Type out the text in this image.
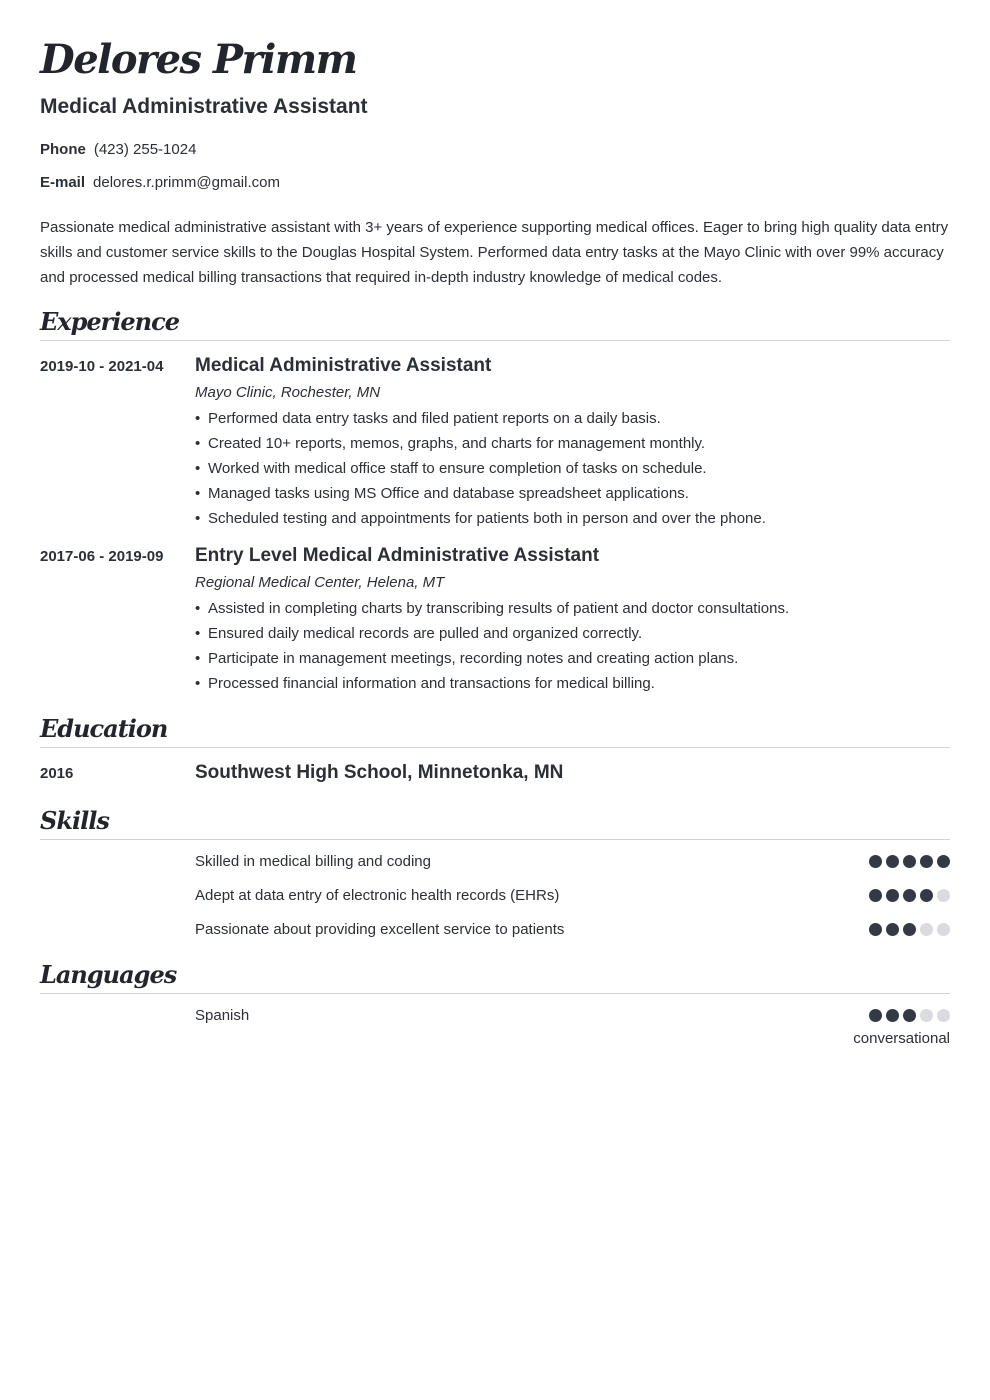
Delores Primm
Medical Administrative Assistant
Phone (423) 255-1024
E-mail delores.r.primm@gmail.com

Passionate medical administrative assistant with 3+ years of experience supporting medical offices. Eager to bring high quality data entry skills and customer service skills to the Douglas Hospital System. Performed data entry tasks at the Mayo Clinic with over 99% accuracy and processed medical billing transactions that required in-depth industry knowledge of medical codes.

Experience
2019-10 - 2021-04 Medical Administrative Assistant
Mayo Clinic, Rochester, MN
• Performed data entry tasks and filed patient reports on a daily basis.
• Created 10+ reports, memos, graphs, and charts for management monthly.
• Worked with medical office staff to ensure completion of tasks on schedule.
• Managed tasks using MS Office and database spreadsheet applications.
• Scheduled testing and appointments for patients both in person and over the phone.
2017-06 - 2019-09 Entry Level Medical Administrative Assistant
Regional Medical Center, Helena, MT
• Assisted in completing charts by transcribing results of patient and doctor consultations.
• Ensured daily medical records are pulled and organized correctly.
• Participate in management meetings, recording notes and creating action plans.
• Processed financial information and transactions for medical billing.
Education
2016	Southwest High School, Minnetonka, MN
Skills
Skilled in medical billing and coding
Adept at data entry of electronic health records (EHRs)
Passionate about providing excellent service to patients
Languages
Spanish
conversational
